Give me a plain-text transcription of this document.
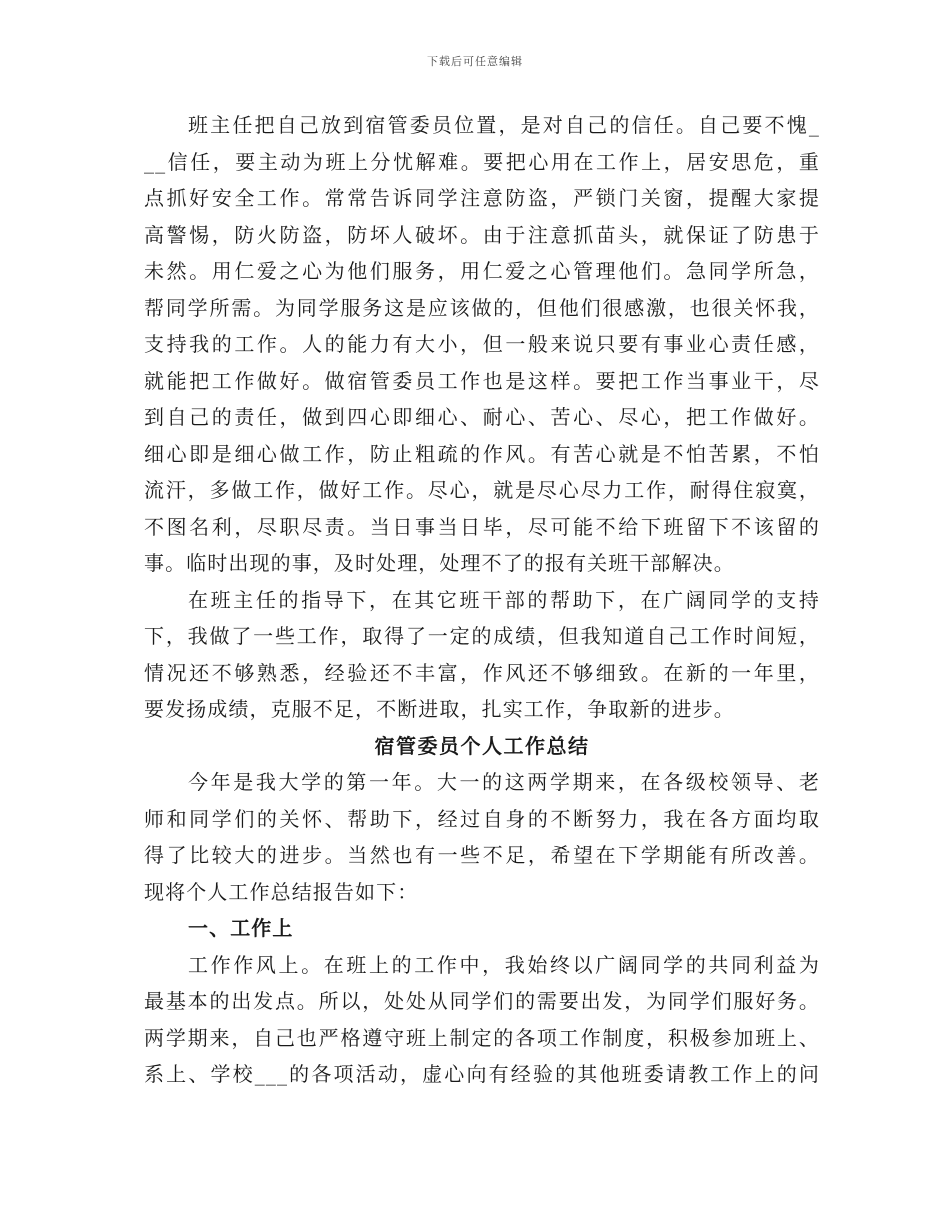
下载后可任意编辑
班主任把自己放到宿管委员位置，是对自己的信任。自己要不愧_
__信任，要主动为班上分忧解难。要把心用在工作上，居安思危，重
点抓好安全工作。常常告诉同学注意防盗，严锁门关窗，提醒大家提
高警惕，防火防盗，防坏人破坏。由于注意抓苗头，就保证了防患于
未然。用仁爱之心为他们服务，用仁爱之心管理他们。急同学所急，
帮同学所需。为同学服务这是应该做的，但他们很感激，也很关怀我，
支持我的工作。人的能力有大小，但一般来说只要有事业心责任感，
就能把工作做好。做宿管委员工作也是这样。要把工作当事业干，尽
到自己的责任，做到四心即细心、耐心、苦心、尽心，把工作做好。
细心即是细心做工作，防止粗疏的作风。有苦心就是不怕苦累，不怕
流汗，多做工作，做好工作。尽心，就是尽心尽力工作，耐得住寂寞，
不图名利，尽职尽责。当日事当日毕，尽可能不给下班留下不该留的
事。临时出现的事，及时处理，处理不了的报有关班干部解决。
在班主任的指导下，在其它班干部的帮助下，在广阔同学的支持
下，我做了一些工作，取得了一定的成绩，但我知道自己工作时间短，
情况还不够熟悉，经验还不丰富，作风还不够细致。在新的一年里，
要发扬成绩，克服不足，不断进取，扎实工作，争取新的进步。
宿管委员个人工作总结
今年是我大学的第一年。大一的这两学期来，在各级校领导、老
师和同学们的关怀、帮助下，经过自身的不断努力，我在各方面均取
得了比较大的进步。当然也有一些不足，希望在下学期能有所改善。
现将个人工作总结报告如下：
一、工作上
工作作风上。在班上的工作中，我始终以广阔同学的共同利益为
最基本的出发点。所以，处处从同学们的需要出发，为同学们服好务。
两学期来，自己也严格遵守班上制定的各项工作制度，积极参加班上、
系上、学校___的各项活动，虚心向有经验的其他班委请教工作上的问
